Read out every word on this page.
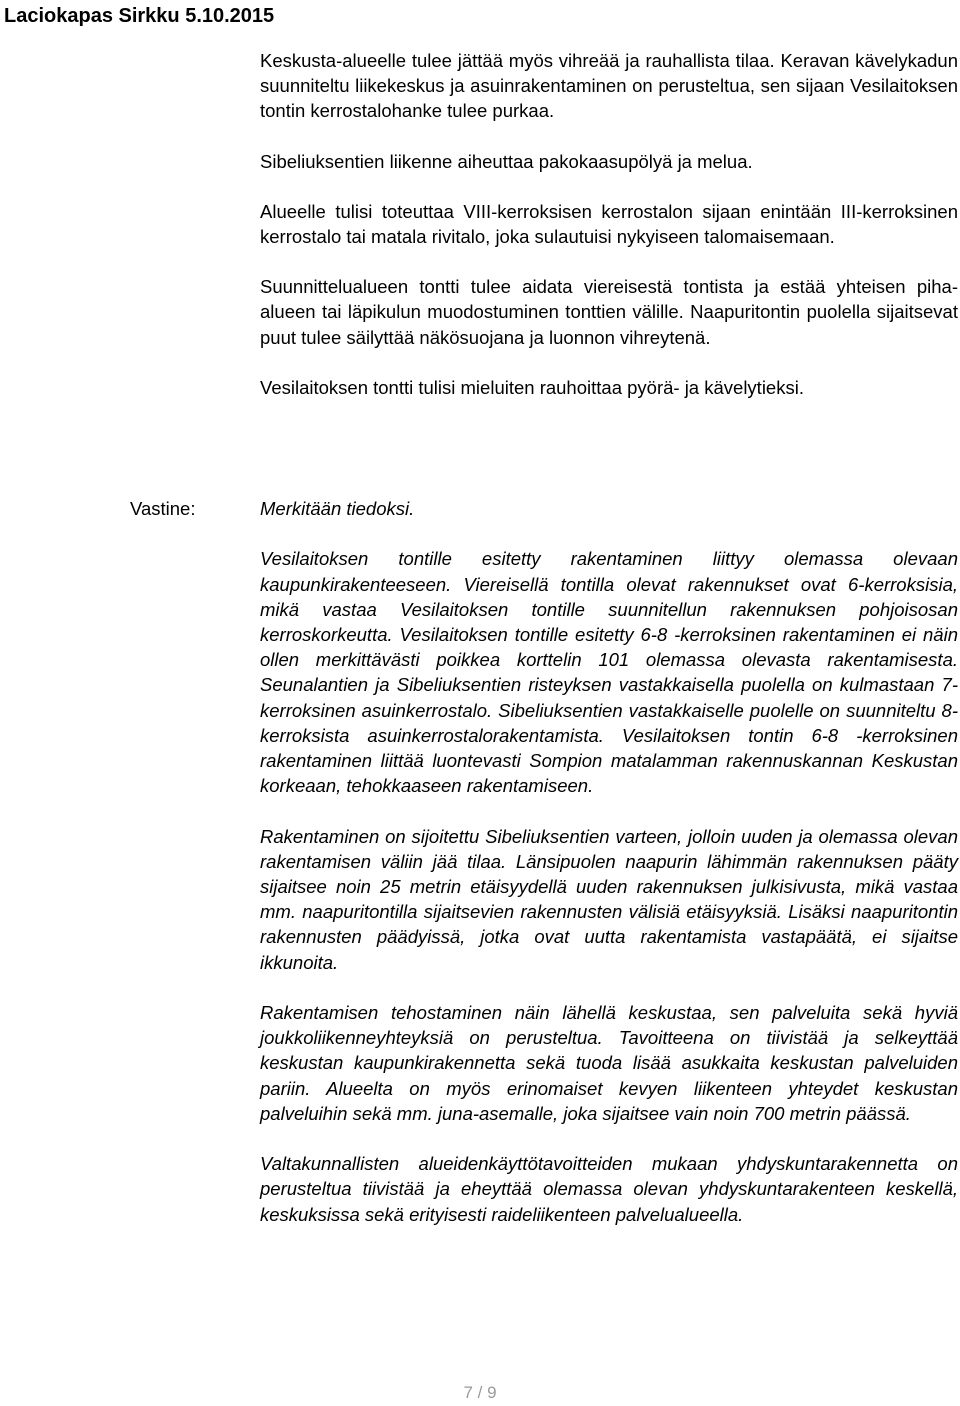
Laciokapas Sirkku 5.10.2015

Keskusta-alueelle tulee jättää myös vihreää ja rauhallista tilaa. Keravan kävelykadun suunniteltu liikekeskus ja asuinrakentaminen on perusteltua, sen sijaan Vesilaitoksen tontin kerrostalohanke tulee purkaa.

Sibeliuksentien liikenne aiheuttaa pakokaasupölyä ja melua.

Alueelle tulisi toteuttaa VIII-kerroksisen kerrostalon sijaan enintään III-kerroksinen kerrostalo tai matala rivitalo, joka sulautuisi nykyiseen talomaisemaan.

Suunnittelualueen tontti tulee aidata viereisestä tontista ja estää yhteisen piha-alueen tai läpikulun muodostuminen tonttien välille. Naapuritontin puolella sijaitsevat puut tulee säilyttää näkösuojana ja luonnon vihreytenä.

Vesilaitoksen tontti tulisi mieluiten rauhoittaa pyörä- ja kävelytieksi.

Vastine:	Merkitään tiedoksi.

Vesilaitoksen tontille esitetty rakentaminen liittyy olemassa olevaan kaupunkirakenteeseen. Viereisellä tontilla olevat rakennukset ovat 6-kerroksisia, mikä vastaa Vesilaitoksen tontille suunnitellun rakennuksen pohjoisosan kerroskorkeutta. Vesilaitoksen tontille esitetty 6-8 -kerroksinen rakentaminen ei näin ollen merkittävästi poikkea korttelin 101 olemassa olevasta rakentamisesta. Seunalantien ja Sibeliuksentien risteyksen vastakkaisella puolella on kulmastaan 7-kerroksinen asuinkerrostalo. Sibeliuksentien vastakkaiselle puolelle on suunniteltu 8-kerroksista asuinkerrostalorakentamista. Vesilaitoksen tontin 6-8 -kerroksinen rakentaminen liittää luontevasti Sompion matalamman rakennuskannan Keskustan korkeaan, tehokkaaseen rakentamiseen.

Rakentaminen on sijoitettu Sibeliuksentien varteen, jolloin uuden ja olemassa olevan rakentamisen väliin jää tilaa. Länsipuolen naapurin lähimmän rakennuksen pääty sijaitsee noin 25 metrin etäisyydellä uuden rakennuksen julkisivusta, mikä vastaa mm. naapuritontilla sijaitsevien rakennusten välisiä etäisyyksiä. Lisäksi naapuritontin rakennusten päädyissä, jotka ovat uutta rakentamista vastapäätä, ei sijaitse ikkunoita.

Rakentamisen tehostaminen näin lähellä keskustaa, sen palveluita sekä hyviä joukkoliikenneyhteyksiä on perusteltua. Tavoitteena on tiivistää ja selkeyttää keskustan kaupunkirakennetta sekä tuoda lisää asukkaita keskustan palveluiden pariin. Alueelta on myös erinomaiset kevyen liikenteen yhteydet keskustan palveluihin sekä mm. juna-asemalle, joka sijaitsee vain noin 700 metrin päässä.

Valtakunnallisten alueidenkäyttötavoitteiden mukaan yhdyskuntarakennetta on perusteltua tiivistää ja eheyttää olemassa olevan yhdyskuntarakenteen keskellä, keskuksissa sekä erityisesti raideliikenteen palvelualueella.

7 / 9
